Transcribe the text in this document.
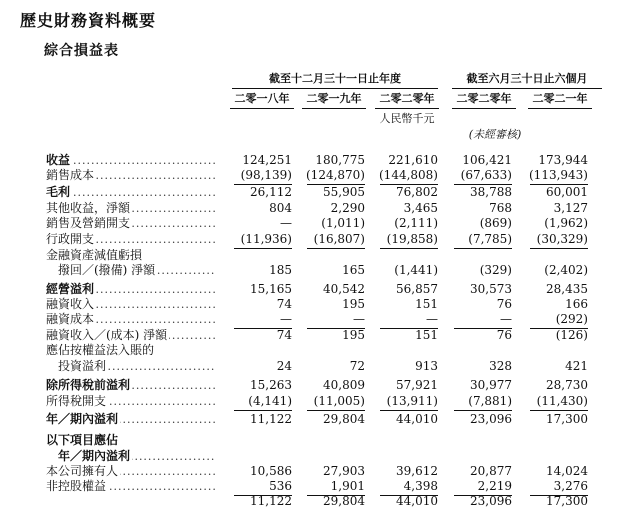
歷史財務資料概要
綜合損益表
截至十二月三十一日止年度	截至六月三十日止六個月
二零一八年	二零一九年	二零二零年	二零二零年	二零二一年
人民幣千元
(未經審核)
收益 .....	124,251	180,775	221,610	106,421	173,944
銷售成本 .....	(98,139)	(124,870)	(144,808)	(67,633)	(113,943)
毛利 .....	26,112	55,905	76,802	38,788	60,001
其他收益，淨額 .....	804	2,290	3,465	768	3,127
銷售及營銷開支 .....	—	(1,011)	(2,111)	(869)	(1,962)
行政開支 .....	(11,936)	(16,807)	(19,858)	(7,785)	(30,329)
金融資產減值虧損
撥回／(撥備) 淨額 .....	185	165	(1,441)	(329)	(2,402)
經營溢利 .....	15,165	40,542	56,857	30,573	28,435
融資收入 .....	74	195	151	76	166
融資成本 .....	—	—	—	—	(292)
融資收入／(成本) 淨額 .....	74	195	151	76	(126)
應佔按權益法入賬的
投資溢利 .....	24	72	913	328	421
除所得稅前溢利 .....	15,263	40,809	57,921	30,977	28,730
所得稅開支 .....	(4,141)	(11,005)	(13,911)	(7,881)	(11,430)
年／期內溢利 .....	11,122	29,804	44,010	23,096	17,300
以下項目應佔
年／期內溢利 .....
本公司擁有人 .....	10,586	27,903	39,612	20,877	14,024
非控股權益 .....	536	1,901	4,398	2,219	3,276
11,122	29,804	44,010	23,096	17,300
